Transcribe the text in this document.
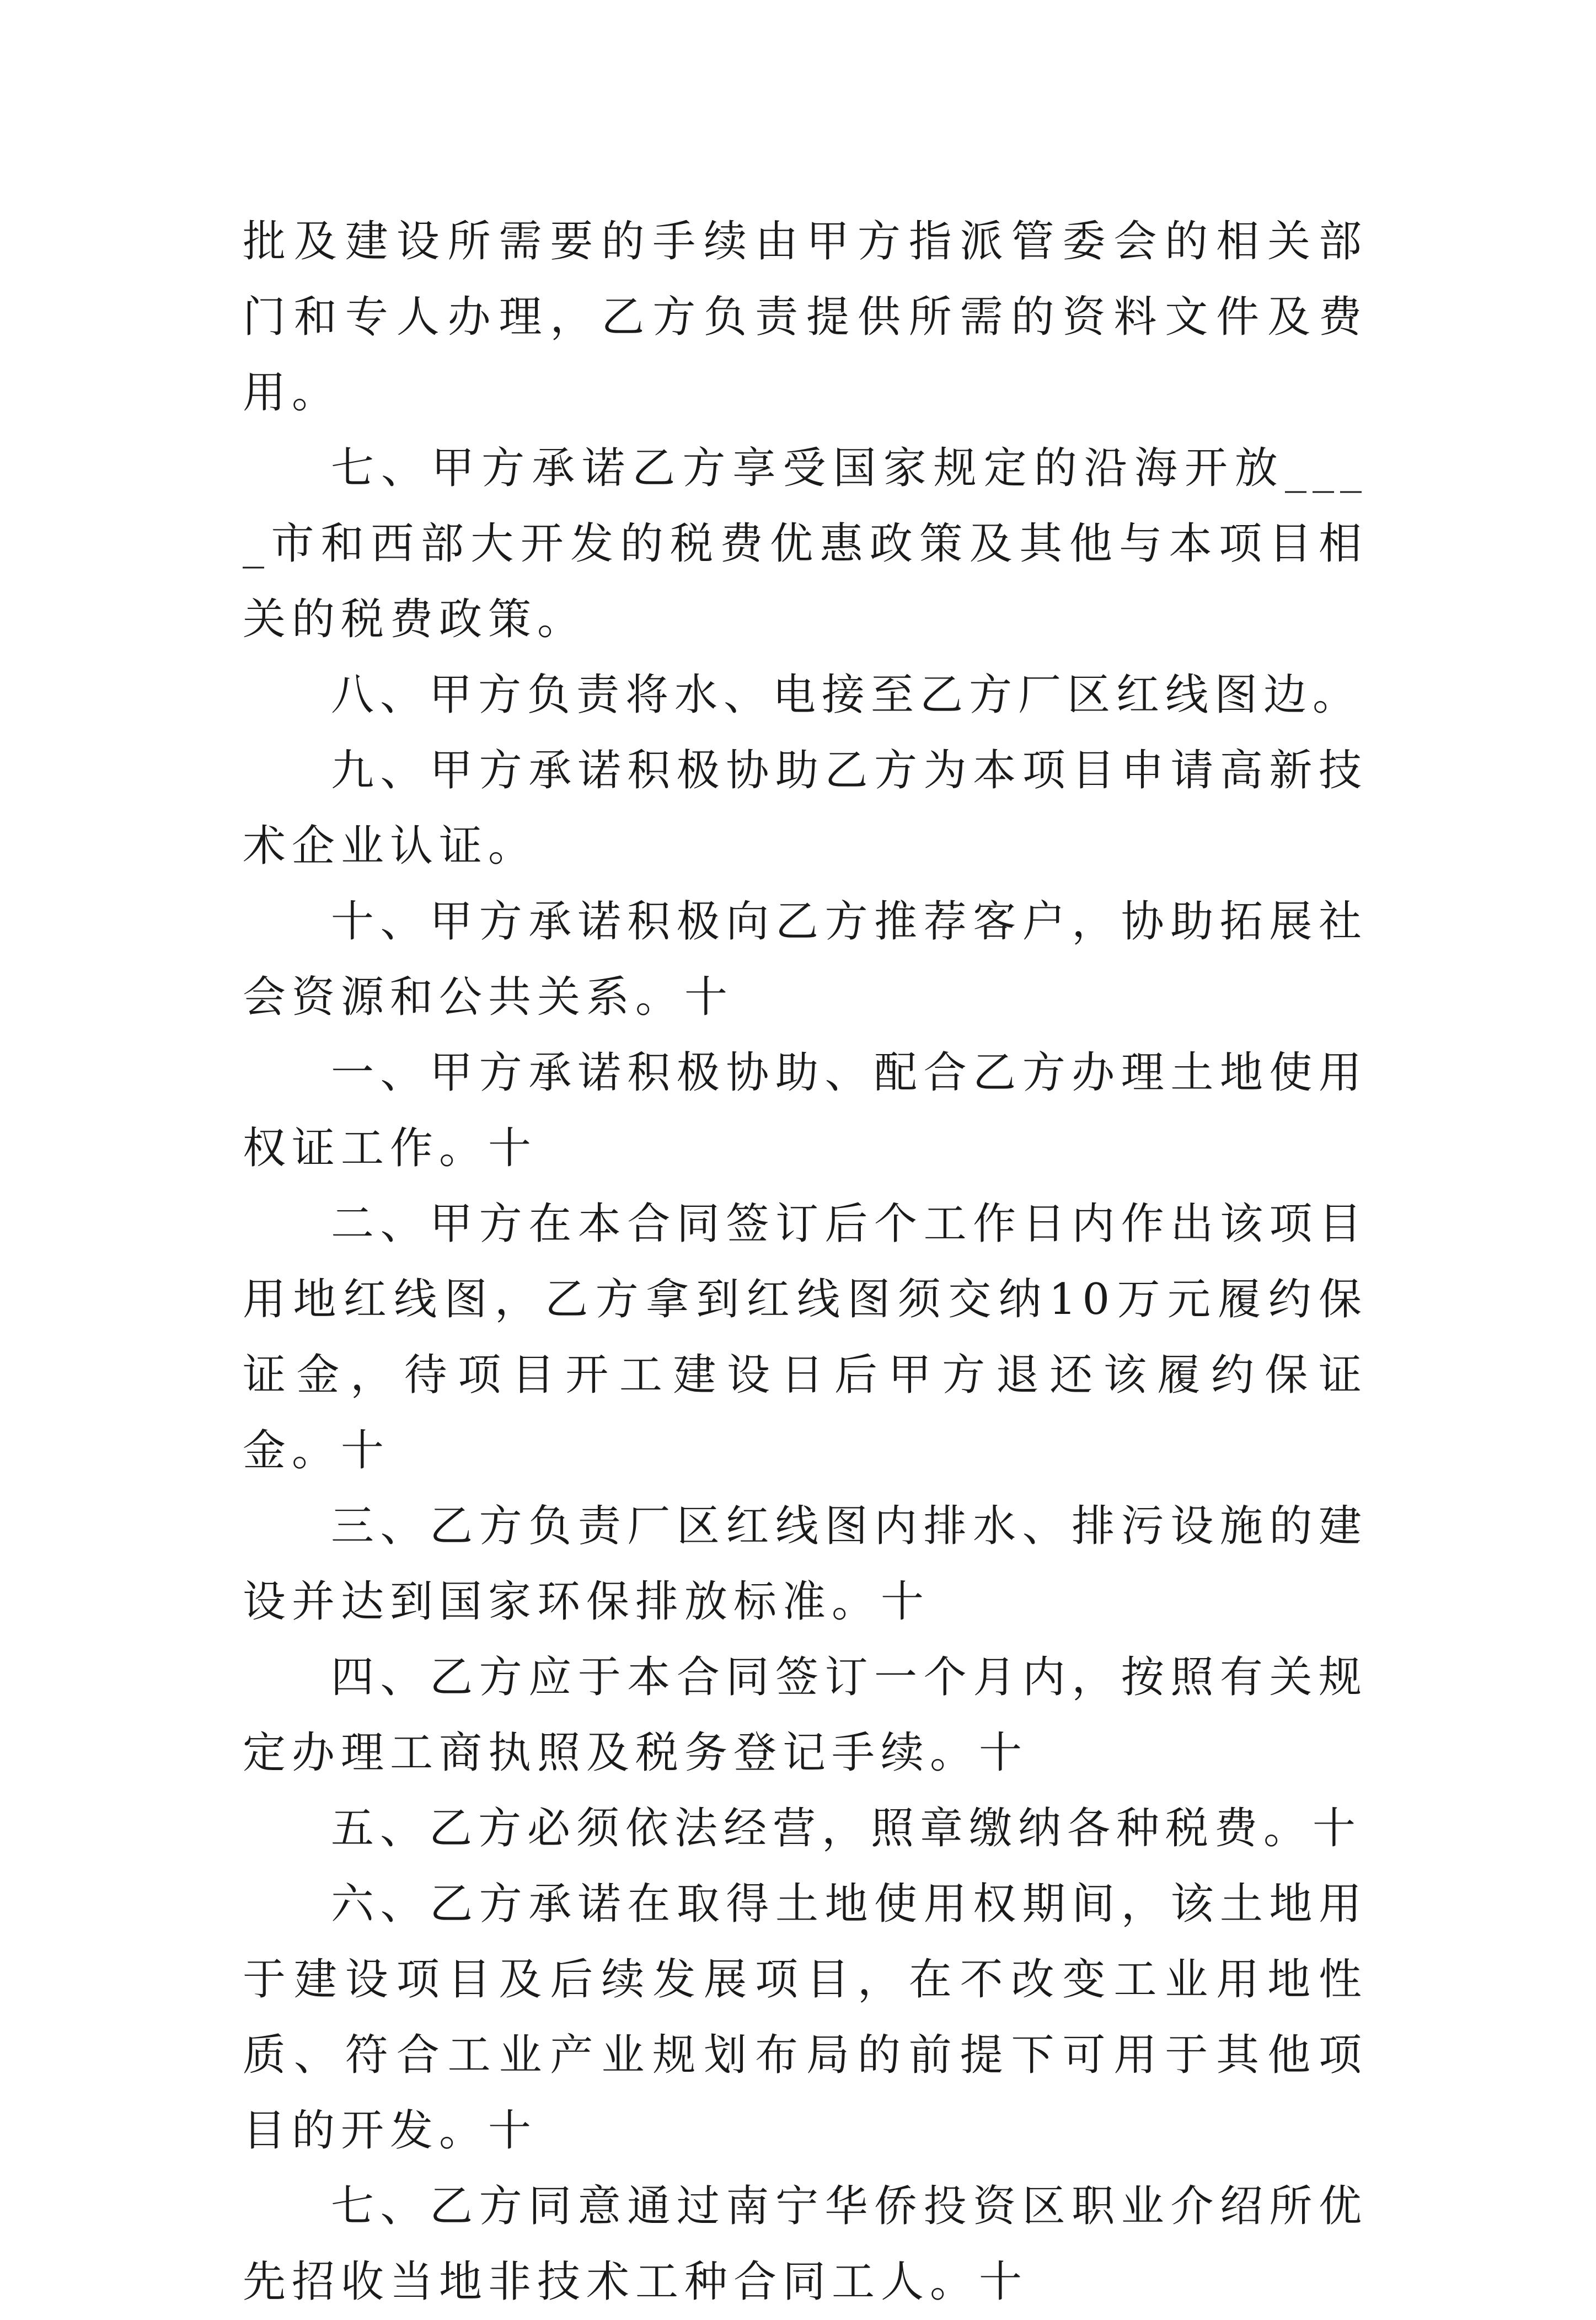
批及建设所需要的手续由甲方指派管委会的相关部门和专人办理，乙方负责提供所需的资料文件及费用。

七、甲方承诺乙方享受国家规定的沿海开放____市和西部大开发的税费优惠政策及其他与本项目相关的税费政策。

八、甲方负责将水、电接至乙方厂区红线图边。

九、甲方承诺积极协助乙方为本项目申请高新技术企业认证。

十、甲方承诺积极向乙方推荐客户，协助拓展社会资源和公共关系。十

一、甲方承诺积极协助、配合乙方办理土地使用权证工作。十

二、甲方在本合同签订后个工作日内作出该项目用地红线图，乙方拿到红线图须交纳10万元履约保证金，待项目开工建设日后甲方退还该履约保证金。十

三、乙方负责厂区红线图内排水、排污设施的建设并达到国家环保排放标准。十

四、乙方应于本合同签订一个月内，按照有关规定办理工商执照及税务登记手续。十

五、乙方必须依法经营，照章缴纳各种税费。十

六、乙方承诺在取得土地使用权期间，该土地用于建设项目及后续发展项目，在不改变工业用地性质、符合工业产业规划布局的前提下可用于其他项目的开发。十

七、乙方同意通过南宁华侨投资区职业介绍所优先招收当地非技术工种合同工人。十
